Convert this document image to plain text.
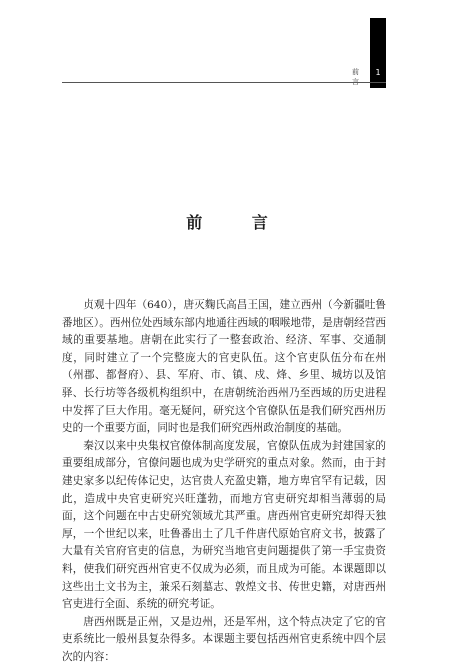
1
前 言
前 言

贞观十四年（640），唐灭麴氏高昌王国，建立西州（今新疆吐鲁番地区）。西州位处西域东部内地通往西域的咽喉地带，是唐朝经营西域的重要基地。唐朝在此实行了一整套政治、经济、军事、交通制度，同时建立了一个完整庞大的官吏队伍。这个官吏队伍分布在州（州郡、都督府）、县、军府、市、镇、戍、烽、乡里、城坊以及馆驿、长行坊等各级机构组织中，在唐朝统治西州乃至西域的历史进程中发挥了巨大作用。毫无疑问，研究这个官僚队伍是我们研究西州历史的一个重要方面，同时也是我们研究西州政治制度的基础。

秦汉以来中央集权官僚体制高度发展，官僚队伍成为封建国家的重要组成部分，官僚问题也成为史学研究的重点对象。然而，由于封建史家多以纪传体记史，达官贵人充盈史籍，地方卑官罕有记载，因此，造成中央官吏研究兴旺蓬勃，而地方官吏研究却相当薄弱的局面，这个问题在中古史研究领域尤其严重。唐西州官吏研究却得天独厚，一个世纪以来，吐鲁番出土了几千件唐代原始官府文书，披露了大量有关官府官吏的信息，为研究当地官吏问题提供了第一手宝贵资料，使我们研究西州官吏不仅成为必须，而且成为可能。本课题即以这些出土文书为主，兼采石刻墓志、敦煌文书、传世史籍，对唐西州官吏进行全面、系统的研究考证。

唐西州既是正州，又是边州，还是军州，这个特点决定了它的官吏系统比一般州县复杂得多。本课题主要包括西州官吏系统中四个层次的内容：
